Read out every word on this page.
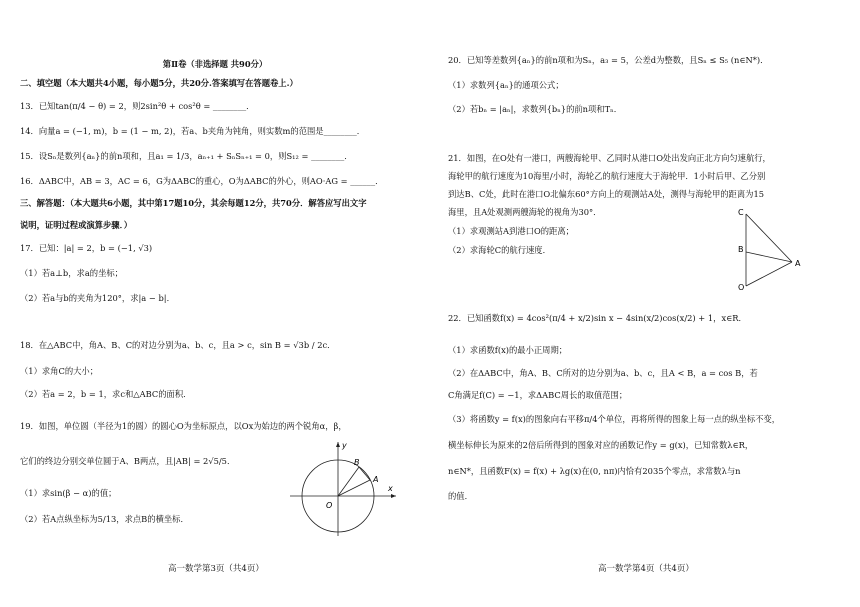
第Ⅱ卷（非选择题 共90分）
二、填空题（本大题共4小题，每小题5分，共20分.答案填写在答题卷上.）
13．已知tan(π/4 − θ) = 2，则2sin²θ + cos²θ = ________．
14．向量a = (−1, m)，b = (1 − m, 2)，若a、b夹角为钝角，则实数m的范围是________．
15．设Sₙ是数列{aₙ}的前n项和，且a₁ = 1/3，aₙ₊₁ + SₙSₙ₊₁ = 0，则S₁₂ = ________．
16．ΔABC中，AB = 3，AC = 6，G为ΔABC的重心，O为ΔABC的外心，则AO·AG = ______．
三、解答题：（本大题共6小题，其中第17题10分，其余每题12分，共70分．解答应写出文字
说明，证明过程或演算步骤．）
17．已知：|a| = 2，b = (−1, √3)
（1）若a⊥b，求a的坐标；
（2）若a与b的夹角为120°，求|a − b|．
18．在△ABC中，角A、B、C的对边分别为a、b、c，且a > c，sin B = √3b / 2c．
（1）求角C的大小；
（2）若a = 2，b = 1，求c和△ABC的面积．
19．如图，单位圆（半径为1的圆）的圆心O为坐标原点，以Ox为始边的两个锐角α，β，
它们的终边分别交单位圆于A、B两点，且|AB| = 2√5/5．
（1）求sin(β − α)的值；
（2）若A点纵坐标为5/13，求点B的横坐标．
y
x
O
A
B
高一数学第3页（共4页）
20．已知等差数列{aₙ}的前n项和为Sₙ，a₃ = 5，公差d为整数，且Sₙ ≤ S₅ (n∈N*)．
（1）求数列{aₙ}的通项公式；
（2）若bₙ = |aₙ|，求数列{bₙ}的前n项和Tₙ．
21．如图，在O处有一港口，两艘海轮甲、乙同时从港口O处出发向正北方向匀速航行，
海轮甲的航行速度为10海里/小时，海轮乙的航行速度大于海轮甲．1小时后甲、乙分别
到达B、C处，此时在港口O北偏东60°方向上的观测站A处，测得与海轮甲的距离为15
海里，且A处观测两艘海轮的视角为30°．
（1）求观测站A到港口O的距离；
（2）求海轮C的航行速度．
C
B
A
O
22．已知函数f(x) = 4cos²(π/4 + x/2)sin x − 4sin(x/2)cos(x/2) + 1，x∈R．
（1）求函数f(x)的最小正周期；
（2）在ΔABC中，角A、B、C所对的边分别为a、b、c，且A < B，a = cos B，若
C角满足f(C) = −1，求ΔABC周长的取值范围；
（3）将函数y = f(x)的图象向右平移π/4个单位，再将所得的图象上每一点的纵坐标不变，
横坐标伸长为原来的2倍后所得到的图象对应的函数记作y = g(x)，已知常数λ∈R，
n∈N*，且函数F(x) = f(x) + λg(x)在(0, nπ)内恰有2035个零点，求常数λ与n
的值．
高一数学第4页（共4页）
